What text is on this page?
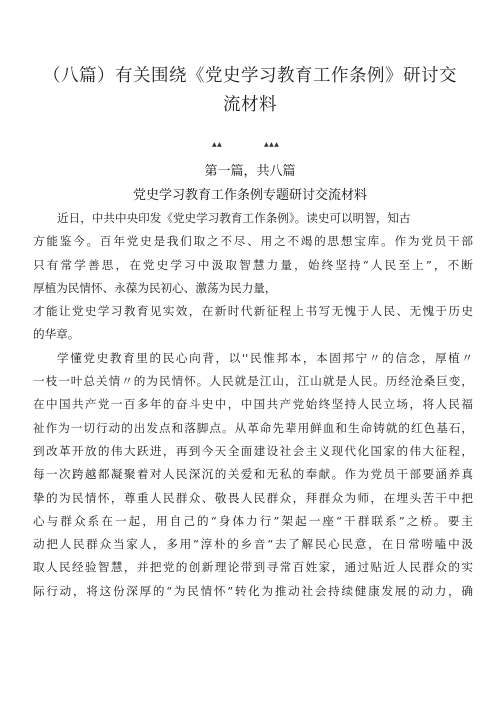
（八篇）有关围绕《党史学习教育工作条例》研讨交
流材料
▲▲	▲▲▲
第一篇，共八篇
党史学习教育工作条例专题研讨交流材料
近日，中共中央印发《党史学习教育工作条例》。读史可以明智，知古
方能鉴今。百年党史是我们取之不尽、用之不竭的思想宝库。作为党员干部
只有常学善思，在党史学习中汲取智慧力量，始终坚持“人民至上”，不断
厚植为民情怀、永葆为民初心、激荡为民力量，
才能让党史学习教育见实效，在新时代新征程上书写无愧于人民、无愧于历史
的华章。
学懂党史教育里的民心向背，以''民惟邦本，本固邦宁〃的信念，厚植〃
一枝一叶总关情〃的为民情怀。人民就是江山，江山就是人民。历经沧桑巨变，
在中国共产党一百多年的奋斗史中，中国共产党始终坚持人民立场，将人民福
祉作为一切行动的出发点和落脚点。从革命先辈用鲜血和生命铸就的红色基石，
到改革开放的伟大跃进，再到今天全面建设社会主义现代化国家的伟大征程，
每一次跨越都凝聚着对人民深沉的关爱和无私的奉献。作为党员干部要涵养真
挚的为民情怀，尊重人民群众、敬畏人民群众，拜群众为师，在埋头苦干中把
心与群众系在一起，用自己的“身体力行”架起一座“干群联系”之桥。要主
动把人民群众当家人，多用“淳朴的乡音“去了解民心民意，在日常唠嗑中汲
取人民经验智慧，并把党的创新理论带到寻常百姓家，通过贴近人民群众的实
际行动，将这份深厚的“为民情怀”转化为推动社会持续健康发展的动力，确
